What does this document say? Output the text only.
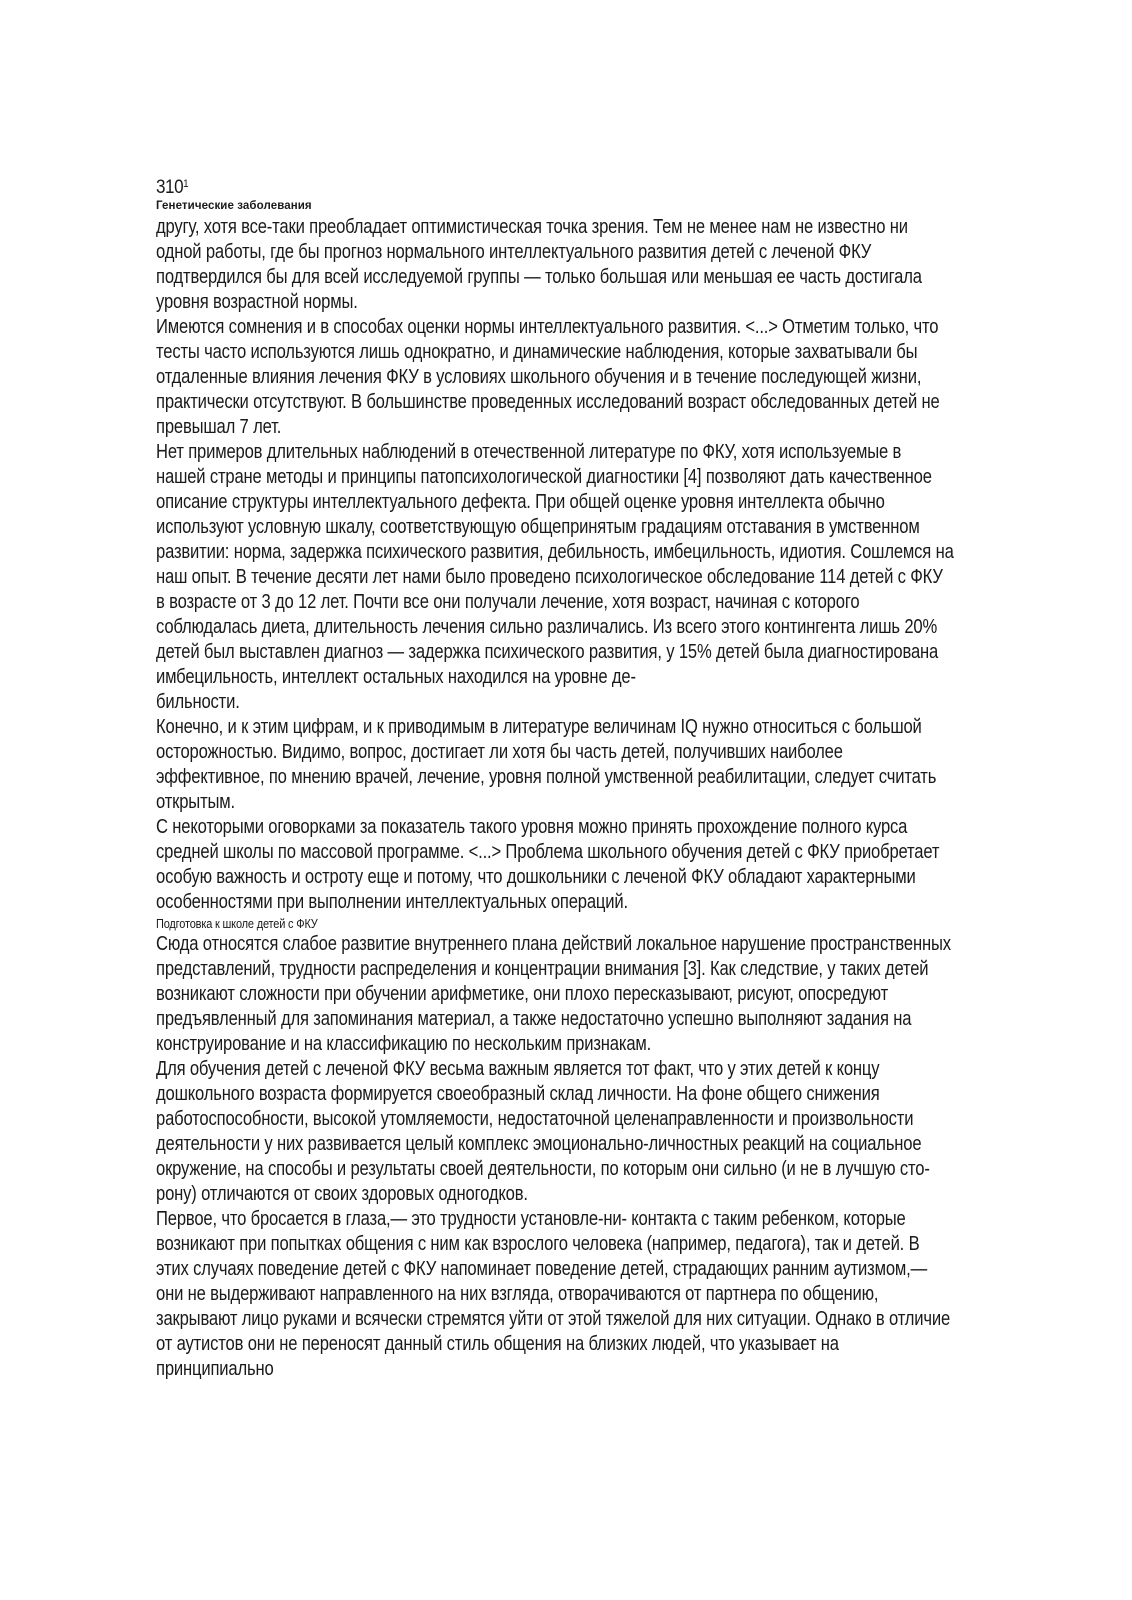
$310^1$
Генетические заболевания

другу, хотя все-таки преобладает оптимистическая точка зрения. Тем не менее нам не известно ни
одной работы, где бы прогноз нормального интеллектуального развития детей с леченой ФКУ
подтвердился бы для всей исследуемой группы — только большая или меньшая ее часть достигала
уровня возрастной нормы.

Имеются сомнения и в способах оценки нормы интеллектуального развития. <...> Отметим только, что
тесты часто используются лишь однократно, и динамические наблюдения, которые захватывали бы
отдаленные влияния лечения ФКУ в условиях школьного обучения и в течение последующей жизни,
практически отсутствуют. В большинстве проведенных исследований возраст обследованных детей не
превышал 7 лет.

Нет примеров длительных наблюдений в отечественной литературе по ФКУ, хотя используемые в
нашей стране методы и принципы патопсихологической диагностики [4] позволяют дать качественное
описание структуры интеллектуального дефекта. При общей оценке уровня интеллекта обычно
используют условную шкалу, соответствующую общепринятым градациям отставания в умственном
развитии: норма, задержка психического развития, дебильность, имбецильность, идиотия. Сошлемся на
наш опыт. В течение десяти лет нами было проведено психологическое обследование 114 детей с ФКУ
в возрасте от 3 до 12 лет. Почти все они получали лечение, хотя возраст, начиная с которого
соблюдалась диета, длительность лечения сильно различались. Из всего этого контингента лишь 20%
детей был выставлен диагноз — задержка психического развития, у 15% детей была диагностирована
имбецильность, интеллект остальных находился на уровне де-
бильности.

Конечно, и к этим цифрам, и к приводимым в литературе величинам IQ нужно относиться с большой
осторожностью. Видимо, вопрос, достигает ли хотя бы часть детей, получивших наиболее
эффективное, по мнению врачей, лечение, уровня полной умственной реабилитации, следует считать
открытым.

С некоторыми оговорками за показатель такого уровня можно принять прохождение полного курса
средней школы по массовой программе. <...> Проблема школьного обучения детей с ФКУ приобретает
особую важность и остроту еще и потому, что дошкольники с леченой ФКУ обладают характерными
особенностями при выполнении интеллектуальных операций.

Подготовка к школе детей с ФКУ

Сюда относятся слабое развитие внутреннего плана действий локальное нарушение пространственных
представлений, трудности распределения и концентрации внимания [3]. Как следствие, у таких детей
возникают сложности при обучении арифметике, они плохо пересказывают, рисуют, опосредуют
предъявленный для запоминания материал, а также недостаточно успешно выполняют задания на
конструирование и на классификацию по нескольким признакам.

Для обучения детей с леченой ФКУ весьма важным является тот факт, что у этих детей к концу
дошкольного возраста формируется своеобразный склад личности. На фоне общего снижения
работоспособности, высокой утомляемости, недостаточной целенаправленности и произвольности
деятельности у них развивается целый комплекс эмоционально-личностных реакций на социальное
окружение, на способы и результаты своей деятельности, по которым они сильно (и не в лучшую сто-
рону) отличаются от своих здоровых одногодков.

Первое, что бросается в глаза,— это трудности установле-ни- контакта с таким ребенком, которые
возникают при попытках общения с ним как взрослого человека (например, педагога), так и детей. В
этих случаях поведение детей с ФКУ напоминает поведение детей, страдающих ранним аутизмом,—
они не выдерживают направленного на них взгляда, отворачиваются от партнера по общению,
закрывают лицо руками и всячески стремятся уйти от этой тяжелой для них ситуации. Однако в отличие
от аутистов они не переносят данный стиль общения на близких людей, что указывает на
принципиально
